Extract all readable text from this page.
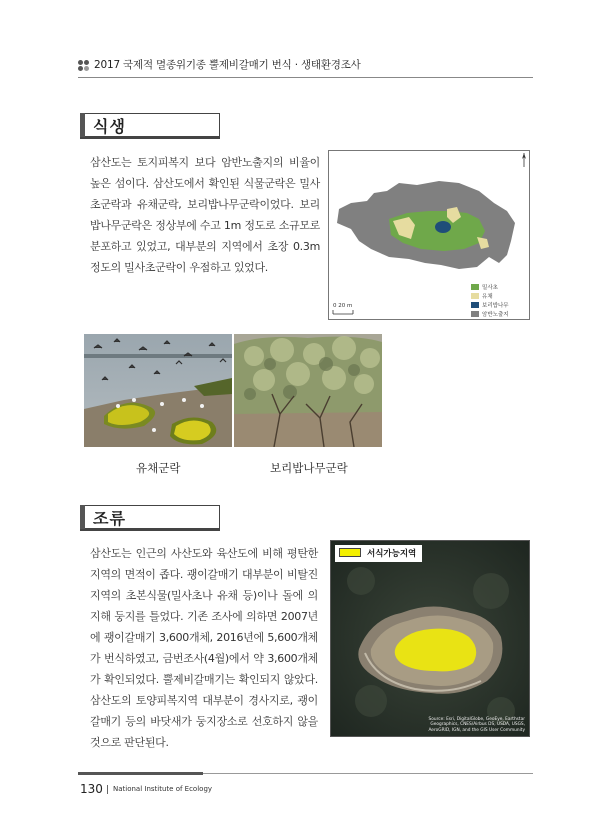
2017 국제적 멸종위기종 뿔제비갈매기 번식 · 생태환경조사
식생

삼산도는 토지피복지 보다 암반노출지의 비율이 높은 섬이다. 삼산도에서 확인된 식물군락은 밀사초군락과 유채군락, 보리밥나무군락이었다. 보리밥나무군락은 정상부에 수고 1m 정도로 소규모로 분포하고 있었고, 대부분의 지역에서 초장 0.3m 정도의 밀사초군락이 우점하고 있었다.

0 20 m
밀사초
유채
보리밥나무
암반노출지
유채군락	보리밥나무군락
조류

삼산도는 인근의 사산도와 육산도에 비해 평탄한 지역의 면적이 좁다. 괭이갈매기 대부분이 비탈진 지역의 초본식물(밀사초나 유채 등)이나 돌에 의지해 둥지를 틀었다. 기존 조사에 의하면 2007년에 괭이갈매기 3,600개체, 2016년에 5,600개체가 번식하였고, 금번조사(4월)에서 약 3,600개체가 확인되었다. 뿔제비갈매기는 확인되지 않았다. 삼산도의 토양피복지역 대부분이 경사지로, 괭이갈매기 등의 바닷새가 둥지장소로 선호하지 않을 것으로 판단된다.

서식가능지역
Source: Esri, DigitalGlobe, GeoEye, Earthstar Geographics, CNES/Airbus DS, USDA, USGS, AeroGRID, IGN, and the GIS User Community
130 National Institute of Ecology
